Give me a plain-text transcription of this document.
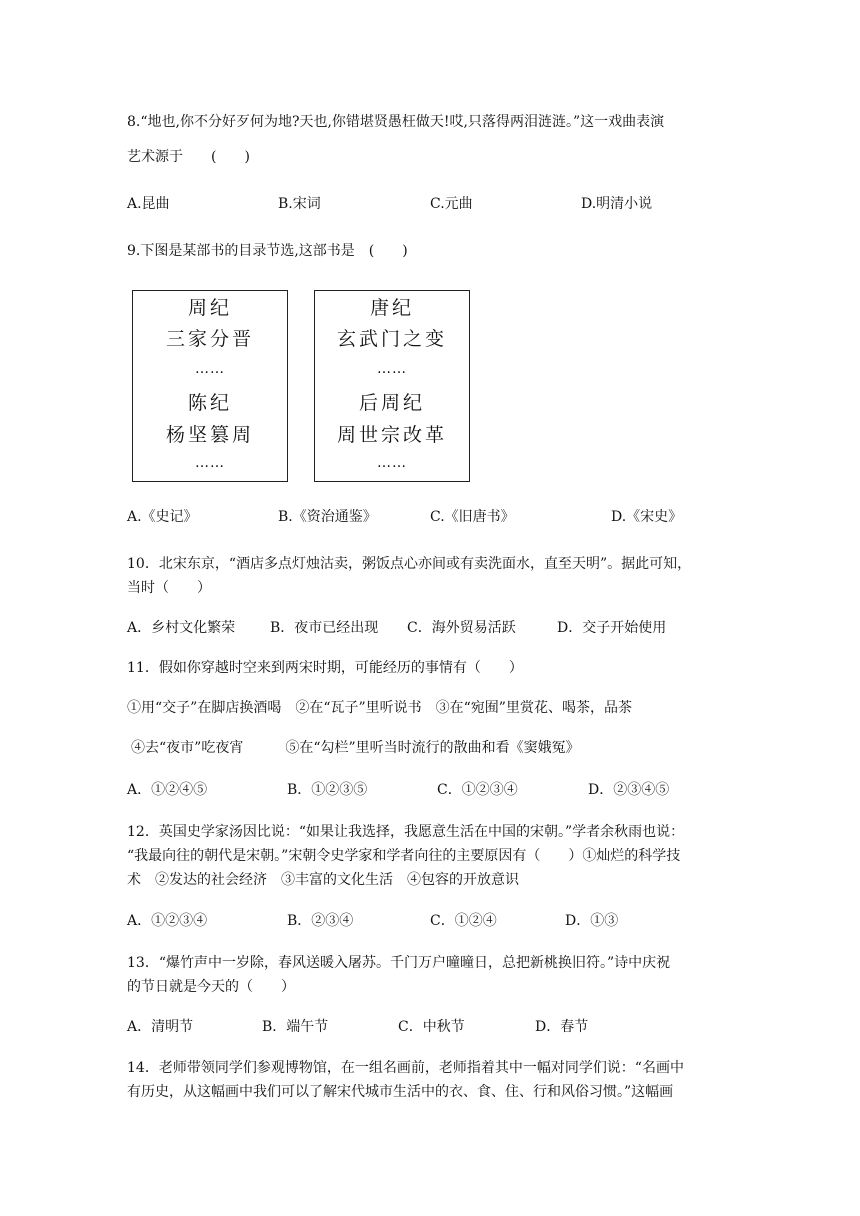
8.“地也,你不分好歹何为地?天也,你错堪贤愚枉做天!哎,只落得两泪涟涟。”这一戏曲表演
艺术源于　　(　　)
A.昆曲	B.宋词	C.元曲	D.明清小说
9.下图是某部书的目录节选,这部书是　(　　)
周纪
三家分晋
……
陈纪
杨坚篡周
……
唐纪
玄武门之变
……
后周纪
周世宗改革
……
A.《史记》	B.《资治通鉴》	C.《旧唐书》	D.《宋史》
10．北宋东京，“酒店多点灯烛沽卖，粥饭点心亦间或有卖洗面水，直至天明”。据此可知，
当时（　　）
A．乡村文化繁荣 B．夜市已经出现 C．海外贸易活跃	D．交子开始使用
11．假如你穿越时空来到两宋时期，可能经历的事情有（　　）
①用“交子”在脚店换酒喝　②在“瓦子”里听说书　③在“宛囿”里赏花、喝茶，品茶
④去“夜市”吃夜宵　　　⑤在“勾栏”里听当时流行的散曲和看《窦娥冤》
A．①②④⑤	B．①②③⑤	C．①②③④	D．②③④⑤
12．英国史学家汤因比说：“如果让我选择，我愿意生活在中国的宋朝。”学者余秋雨也说：
“我最向往的朝代是宋朝。”宋朝令史学家和学者向往的主要原因有（　　）①灿烂的科学技
术　②发达的社会经济　③丰富的文化生活　④包容的开放意识
A．①②③④	B．②③④	C．①②④	D．①③
13．“爆竹声中一岁除，春风送暖入屠苏。千门万户曈曈日，总把新桃换旧符。”诗中庆祝
的节日就是今天的（　　）
A．清明节	B．端午节	C．中秋节	D．春节
14．老师带领同学们参观博物馆，在一组名画前，老师指着其中一幅对同学们说：“名画中
有历史，从这幅画中我们可以了解宋代城市生活中的衣、食、住、行和风俗习惯。”这幅画
